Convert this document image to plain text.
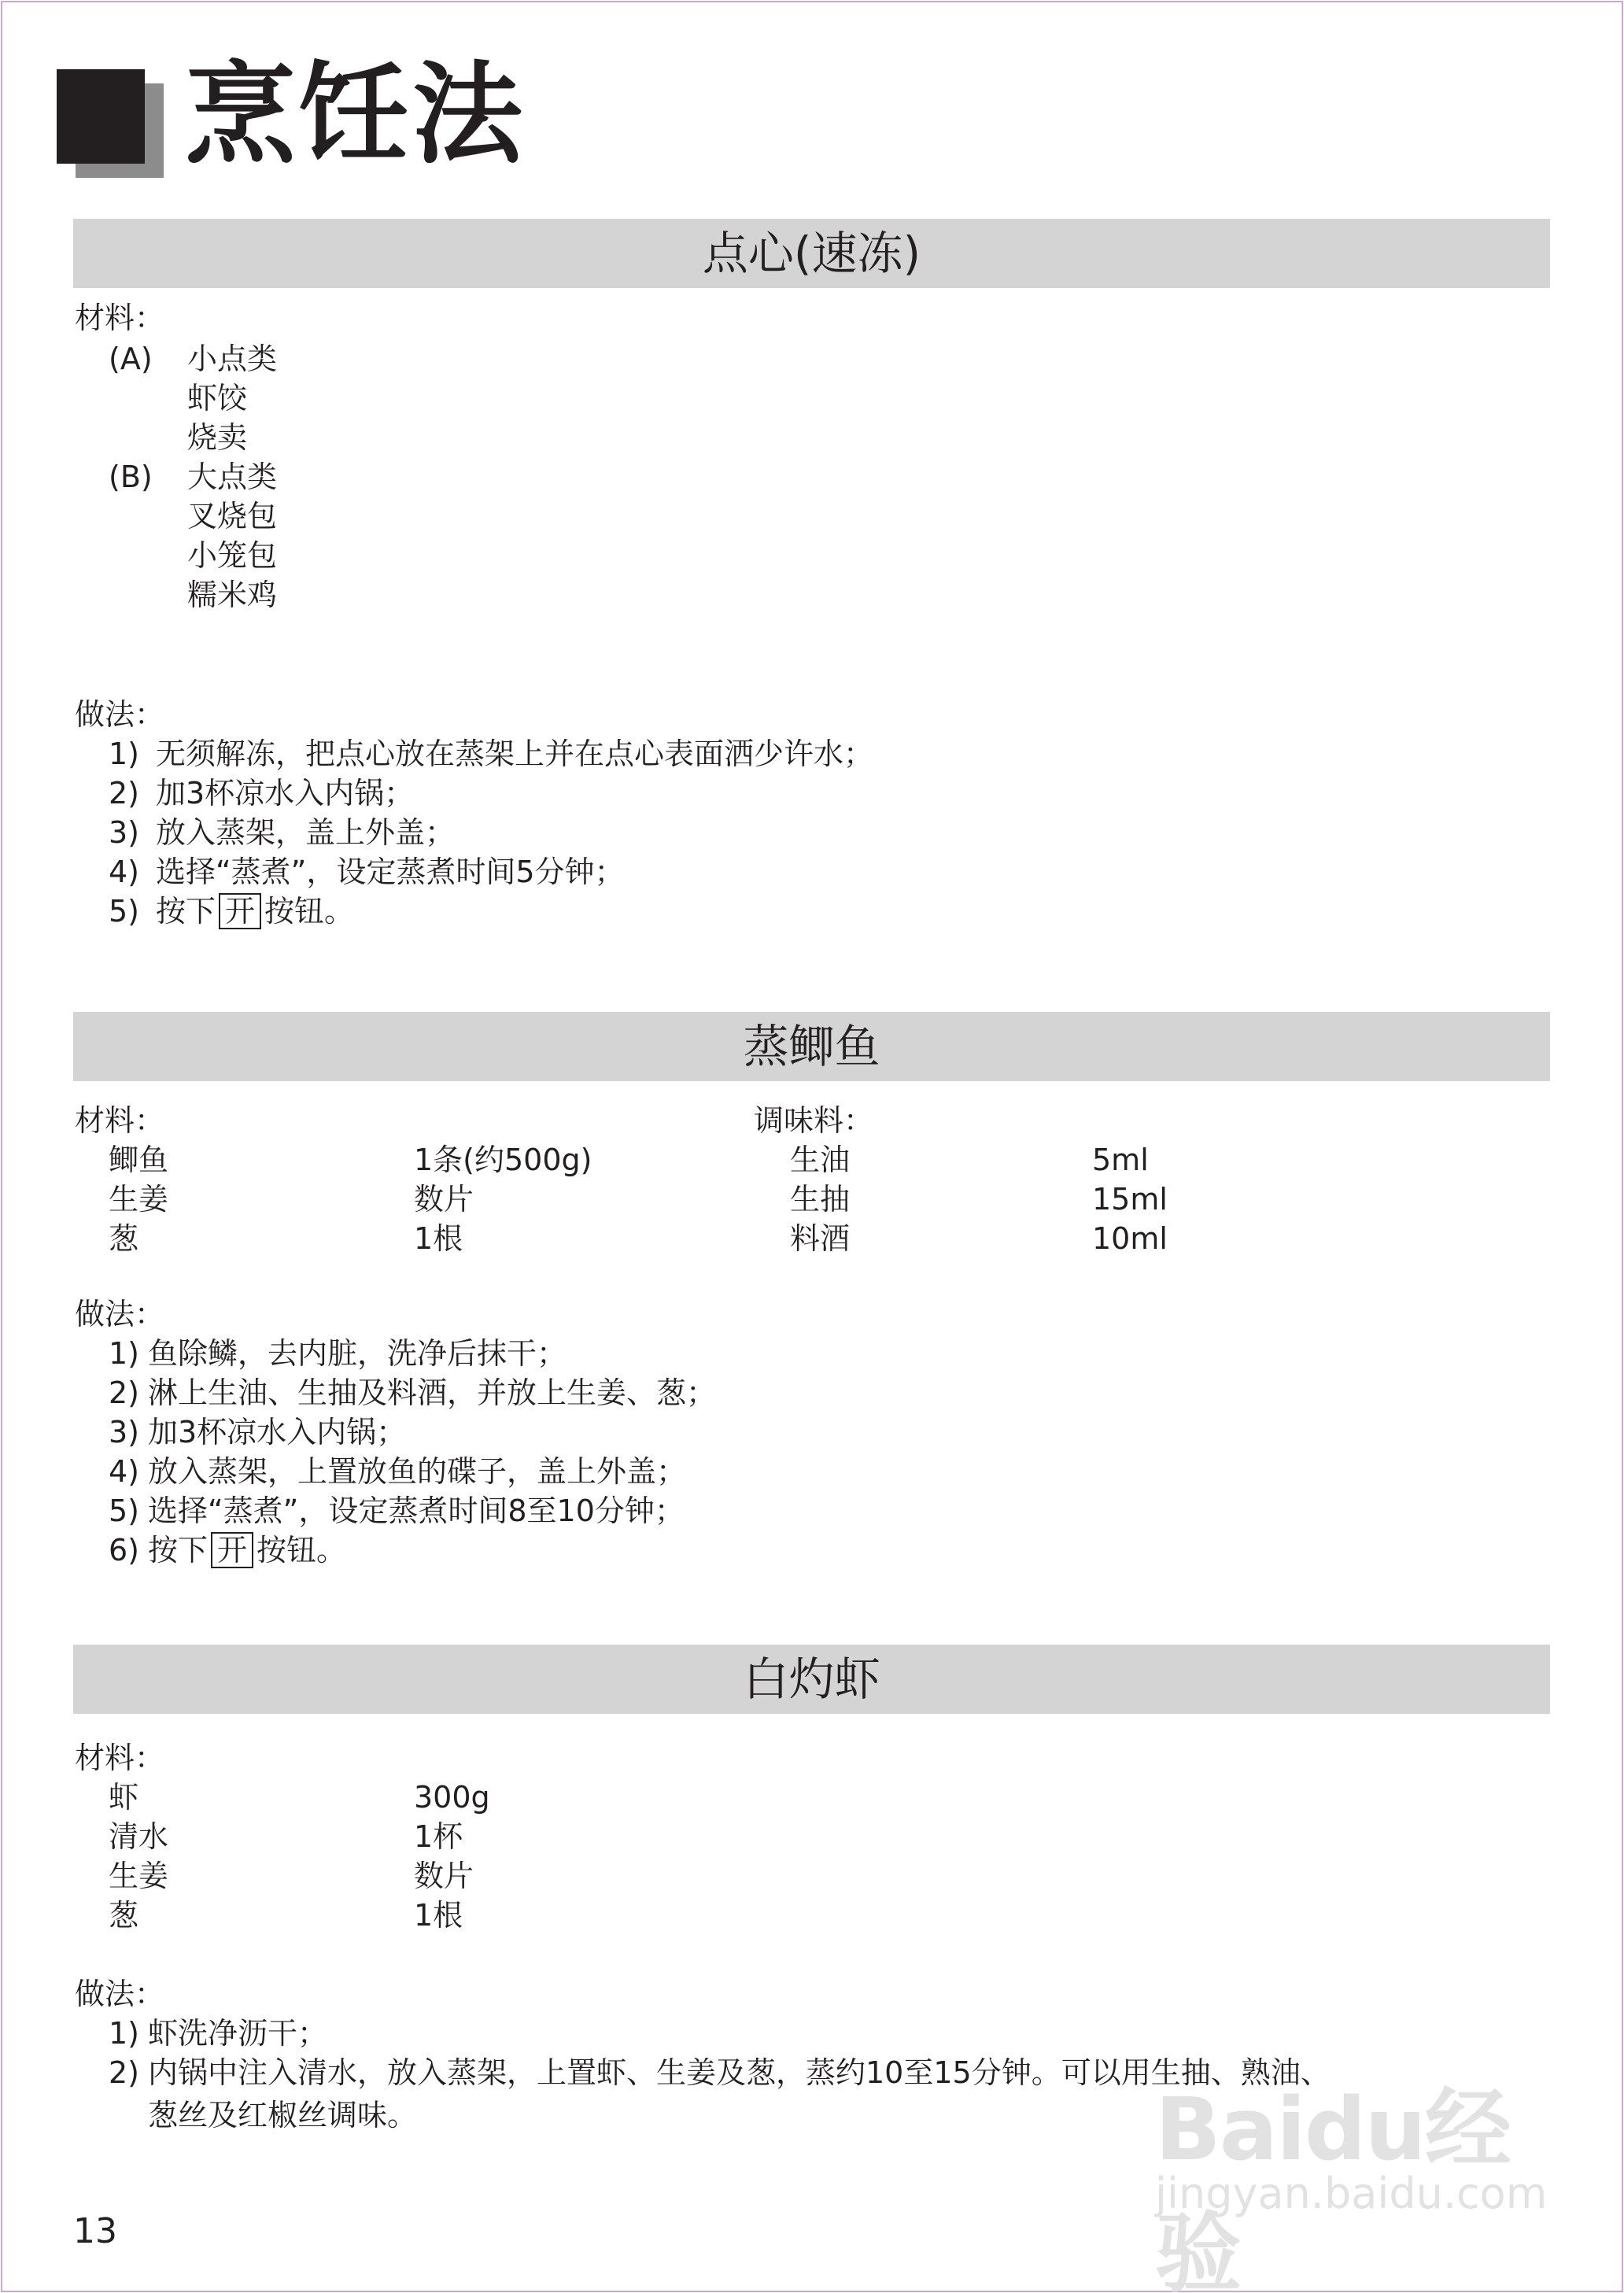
烹饪法
点心(速冻)
材料：
(A) 小点类
虾饺
烧卖
(B) 大点类
叉烧包
小笼包
糯米鸡
做法：
1) 无须解冻，把点心放在蒸架上并在点心表面洒少许水；
2) 加3杯凉水入内锅；
3) 放入蒸架，盖上外盖；
4) 选择“蒸煮”，设定蒸煮时间5分钟；
5) 按下 开 按钮。
蒸鲫鱼
材料：	调味料：
鲫鱼	1条(约500g)	生油	5ml
生姜	数片	生抽	15ml
葱	1根	料酒	10ml
做法：
1) 鱼除鳞，去内脏，洗净后抹干；
2) 淋上生油、生抽及料酒，并放上生姜、葱；
3) 加3杯凉水入内锅；
4) 放入蒸架，上置放鱼的碟子，盖上外盖；
5) 选择“蒸煮”，设定蒸煮时间8至10分钟；
6) 按下 开 按钮。
白灼虾
材料：
虾	300g
清水	1杯
生姜	数片
葱	1根
做法：
1) 虾洗净沥干；
2) 内锅中注入清水，放入蒸架，上置虾、生姜及葱，蒸约10至15分钟。可以用生抽、熟油、
葱丝及红椒丝调味。
13
Baidu经验
jingyan.baidu.com
